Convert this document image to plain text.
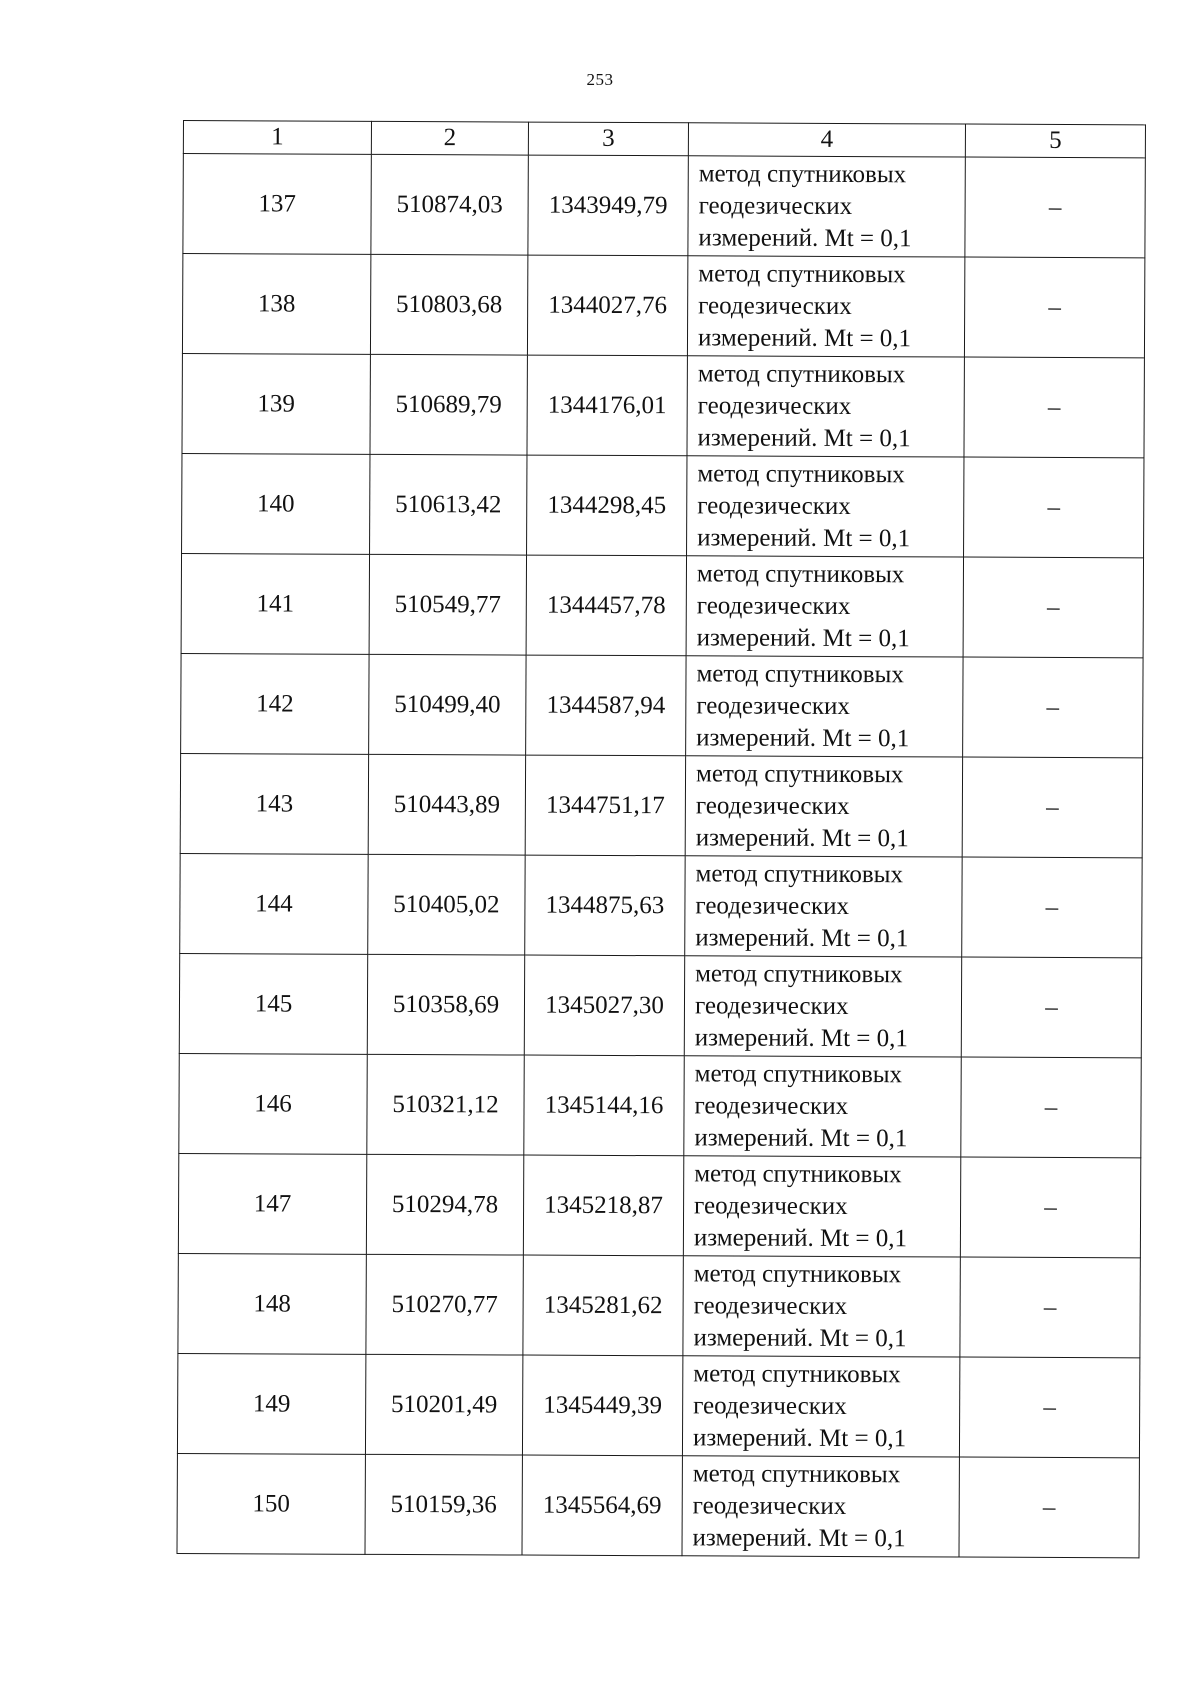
253
1	2	3	4	5
137	510874,03	1343949,79	метод спутниковых
геодезических
измерений. Mt = 0,1	–
138	510803,68	1344027,76	метод спутниковых
геодезических
измерений. Mt = 0,1	–
139	510689,79	1344176,01	метод спутниковых
геодезических
измерений. Mt = 0,1	–
140	510613,42	1344298,45	метод спутниковых
геодезических
измерений. Mt = 0,1	–
141	510549,77	1344457,78	метод спутниковых
геодезических
измерений. Mt = 0,1	–
142	510499,40	1344587,94	метод спутниковых
геодезических
измерений. Mt = 0,1	–
143	510443,89	1344751,17	метод спутниковых
геодезических
измерений. Mt = 0,1	–
144	510405,02	1344875,63	метод спутниковых
геодезических
измерений. Mt = 0,1	–
145	510358,69	1345027,30	метод спутниковых
геодезических
измерений. Mt = 0,1	–
146	510321,12	1345144,16	метод спутниковых
геодезических
измерений. Mt = 0,1	–
147	510294,78	1345218,87	метод спутниковых
геодезических
измерений. Mt = 0,1	–
148	510270,77	1345281,62	метод спутниковых
геодезических
измерений. Mt = 0,1	–
149	510201,49	1345449,39	метод спутниковых
геодезических
измерений. Mt = 0,1	–
150	510159,36	1345564,69	метод спутниковых
геодезических
измерений. Mt = 0,1	–
